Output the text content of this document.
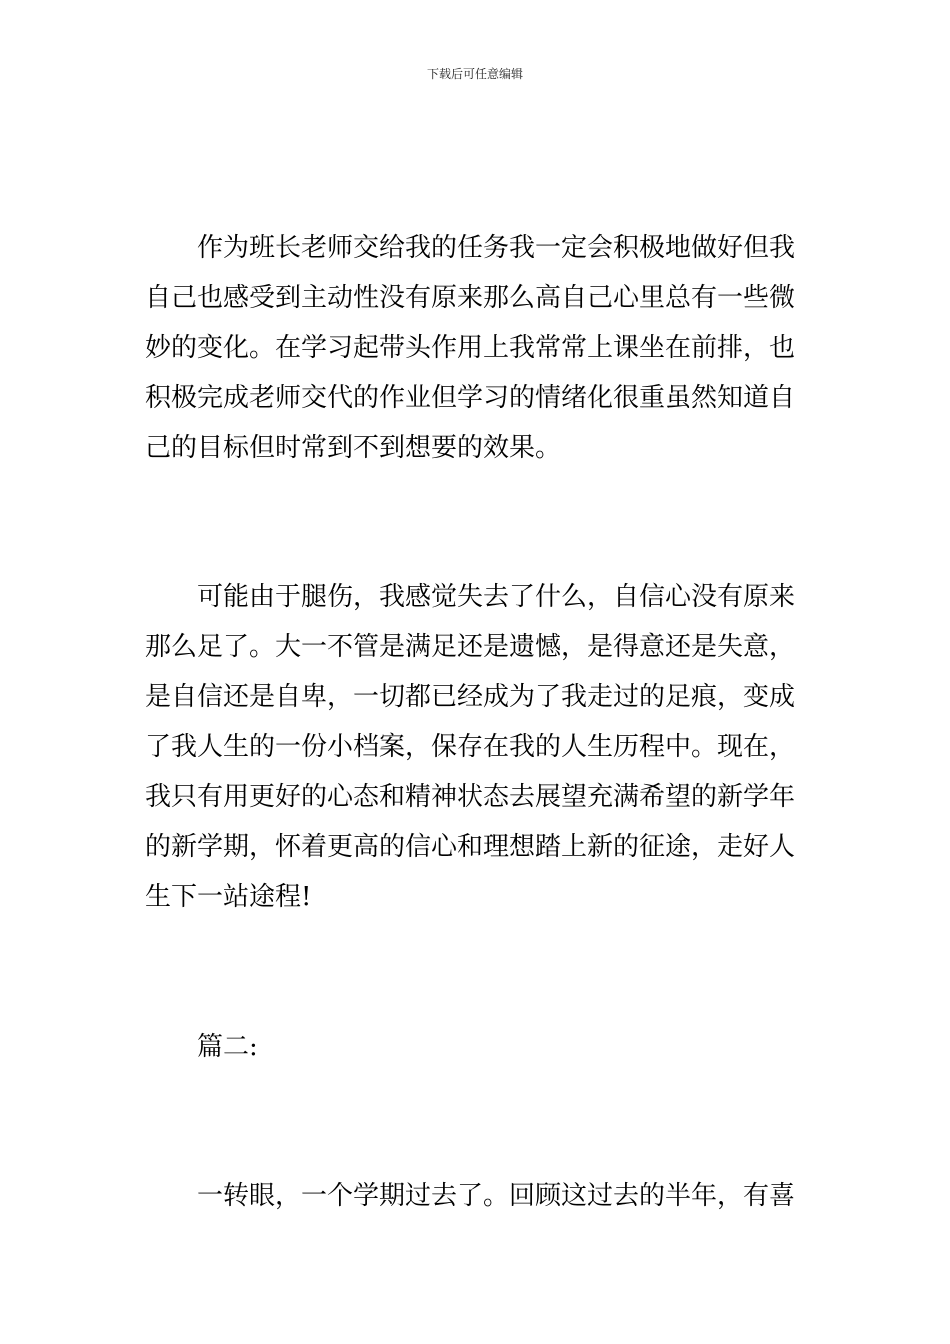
下载后可任意编辑
作为班长老师交给我的任务我一定会积极地做好但我
自己也感受到主动性没有原来那么高自己心里总有一些微
妙的变化。在学习起带头作用上我常常上课坐在前排，也
积极完成老师交代的作业但学习的情绪化很重虽然知道自
己的目标但时常到不到想要的效果。
可能由于腿伤，我感觉失去了什么，自信心没有原来
那么足了。大一不管是满足还是遗憾，是得意还是失意，
是自信还是自卑，一切都已经成为了我走过的足痕，变成
了我人生的一份小档案，保存在我的人生历程中。现在，
我只有用更好的心态和精神状态去展望充满希望的新学年
的新学期，怀着更高的信心和理想踏上新的征途，走好人
生下一站途程!
篇二:
一转眼，一个学期过去了。回顾这过去的半年，有喜
